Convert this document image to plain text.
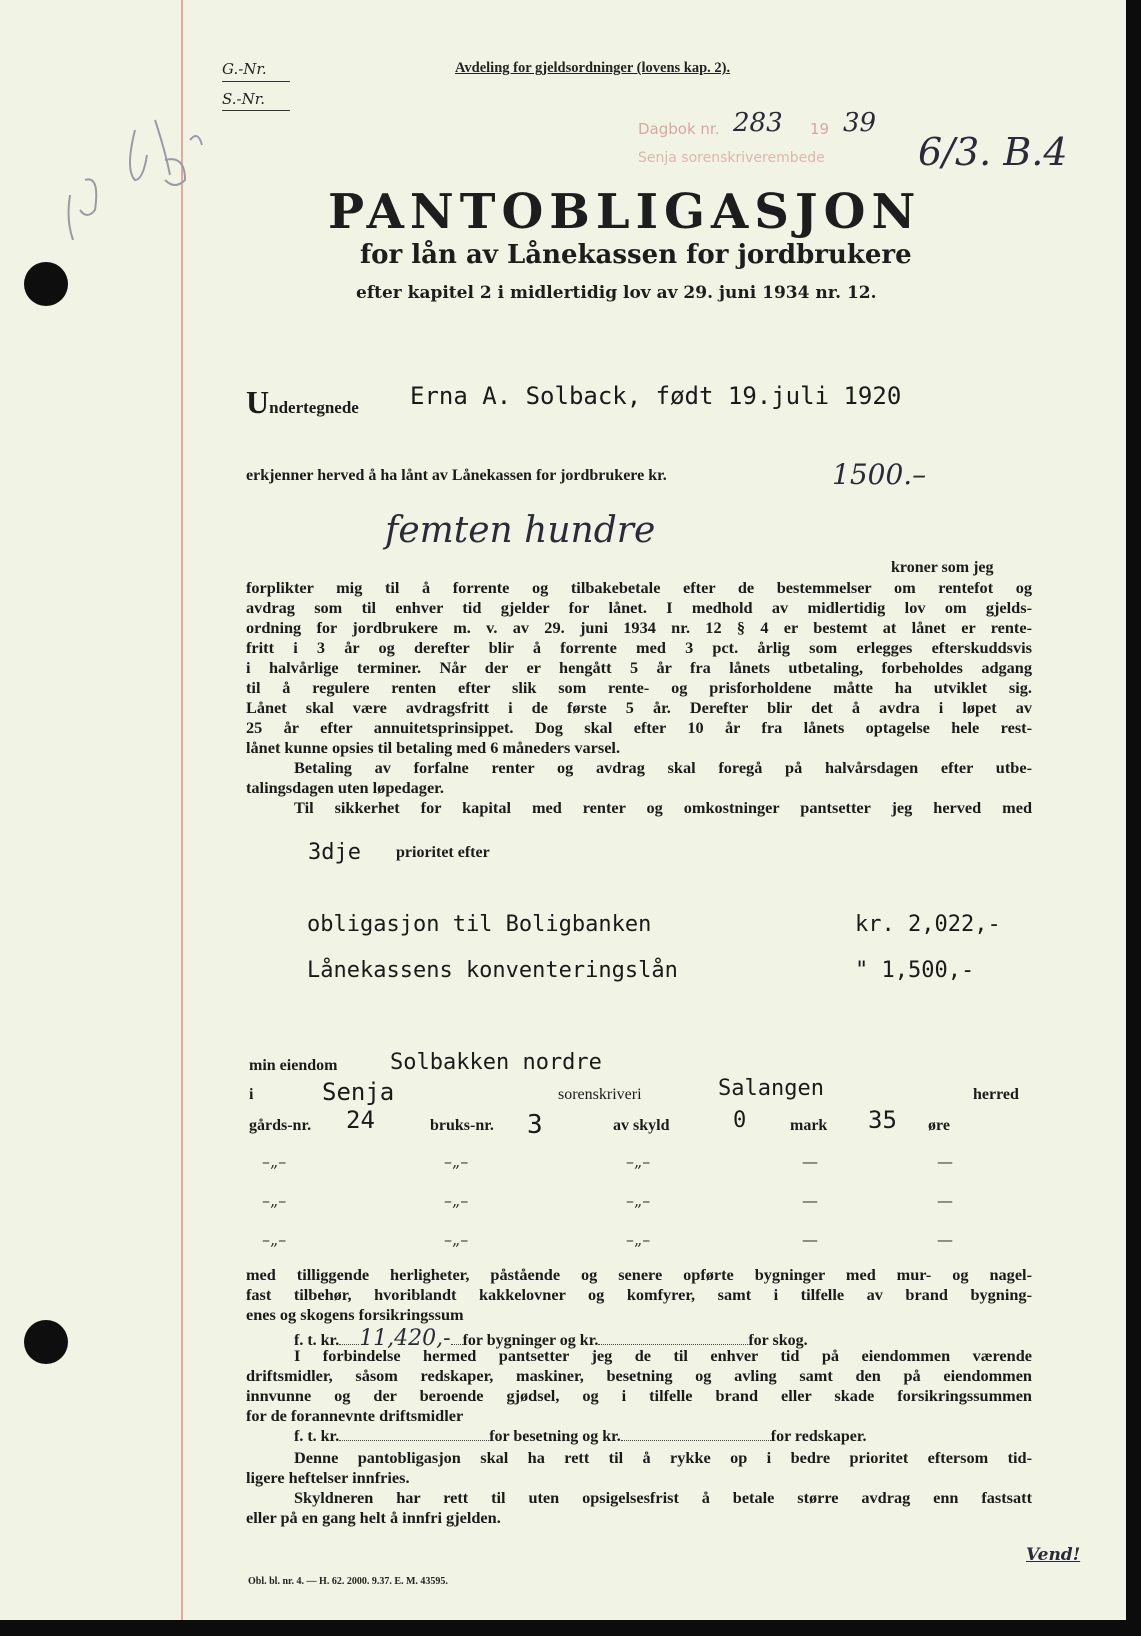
G.-Nr.
S.-Nr.
Avdeling for gjeldsordninger (lovens kap. 2).
Dagbok nr. 283 19 39
Senja sorenskriverembede 6/3. B.4
PANTOBLIGASJON
for lån av Lånekassen for jordbrukere
efter kapitel 2 i midlertidig lov av 29. juni 1934 nr. 12.
Undertegnede Erna A. Solback, født 19.juli 1920
erkjenner herved å ha lånt av Lånekassen for jordbrukere kr.	1500.–
femten hundre
kroner som jeg

forplikter mig til å forrente og tilbakebetale efter de bestemmelser om rentefot og

avdrag som til enhver tid gjelder for lånet. I medhold av midlertidig lov om gjelds-

ordning for jordbrukere m. v. av 29. juni 1934 nr. 12 § 4 er bestemt at lånet er rente-

fritt i 3 år og derefter blir å forrente med 3 pct. årlig som erlegges efterskuddsvis

i halvårlige terminer. Når der er hengått 5 år fra lånets utbetaling, forbeholdes adgang

til å regulere renten efter slik som rente- og prisforholdene måtte ha utviklet sig.

Lånet skal være avdragsfritt i de første 5 år. Derefter blir det å avdra i løpet av

25 år efter annuitetsprinsippet. Dog skal efter 10 år fra lånets optagelse hele rest-

lånet kunne opsies til betaling med 6 måneders varsel.

Betaling av forfalne renter og avdrag skal foregå på halvårsdagen efter utbe-

talingsdagen uten løpedager.

Til sikkerhet for kapital med renter og omkostninger pantsetter jeg herved med

3dje prioritet efter
obligasjon til Boligbanken	kr. 2,022,-
Lånekassens konventeringslån	" 1,500,-
min eiendom Solbakken nordre
i	Senja	sorenskriveri	Salangen	herred
gårds-nr. 24	bruks-nr. 3	av skyld	0	mark 35 øre
–„–	–„–	–„–	—	—
–„–	–„–	–„–	—	—
–„–	–„–	–„–	—	—

med tilliggende herligheter, påstående og senere opførte bygninger med mur- og nagel-

fast tilbehør, hvoriblandt kakkelovner og komfyrer, samt i tilfelle av brand bygning-

enes og skogens forsikringssum

f. t. kr. 11,420,- for bygninger og kr.	for skog.

I forbindelse hermed pantsetter jeg de til enhver tid på eiendommen værende

driftsmidler, såsom redskaper, maskiner, besetning og avling samt den på eiendommen

innvunne og der beroende gjødsel, og i tilfelle brand eller skade forsikringssummen

for de forannevnte driftsmidler

f. t. kr.	for besetning og kr.	for redskaper.

Denne pantobligasjon skal ha rett til å rykke op i bedre prioritet eftersom tid-

ligere heftelser innfries.

Skyldneren har rett til uten opsigelsesfrist å betale større avdrag enn fastsatt

eller på en gang helt å innfri gjelden.

Vend!
Obl. bl. nr. 4. — H. 62. 2000. 9.37. E. M. 43595.
